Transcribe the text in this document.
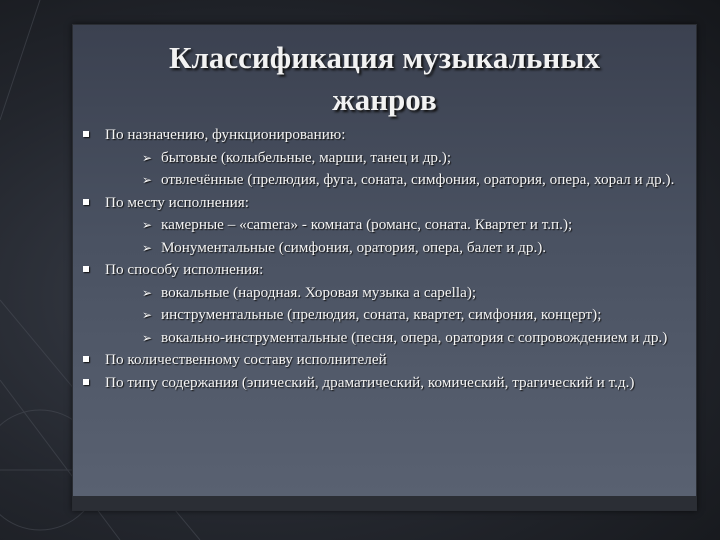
Классификация музыкальных
жанров
По назначению, функционированию:
➢ бытовые (колыбельные, марши, танец и др.);
➢ отвлечённые (прелюдия, фуга, соната, симфония, оратория, опера, хорал и др.).
По месту исполнения:
➢ камерные – «camera» - комната (романс, соната. Квартет и т.п.);
➢ Монументальные (симфония, оратория, опера, балет и др.).
По способу исполнения:
➢ вокальные (народная. Хоровая музыка a capella);
➢ инструментальные (прелюдия, соната, квартет, симфония, концерт);
➢ вокально-инструментальные (песня, опера, оратория с сопровождением и др.)
По количественному составу исполнителей
По типу содержания (эпический, драматический, комический, трагический и т.д.)
